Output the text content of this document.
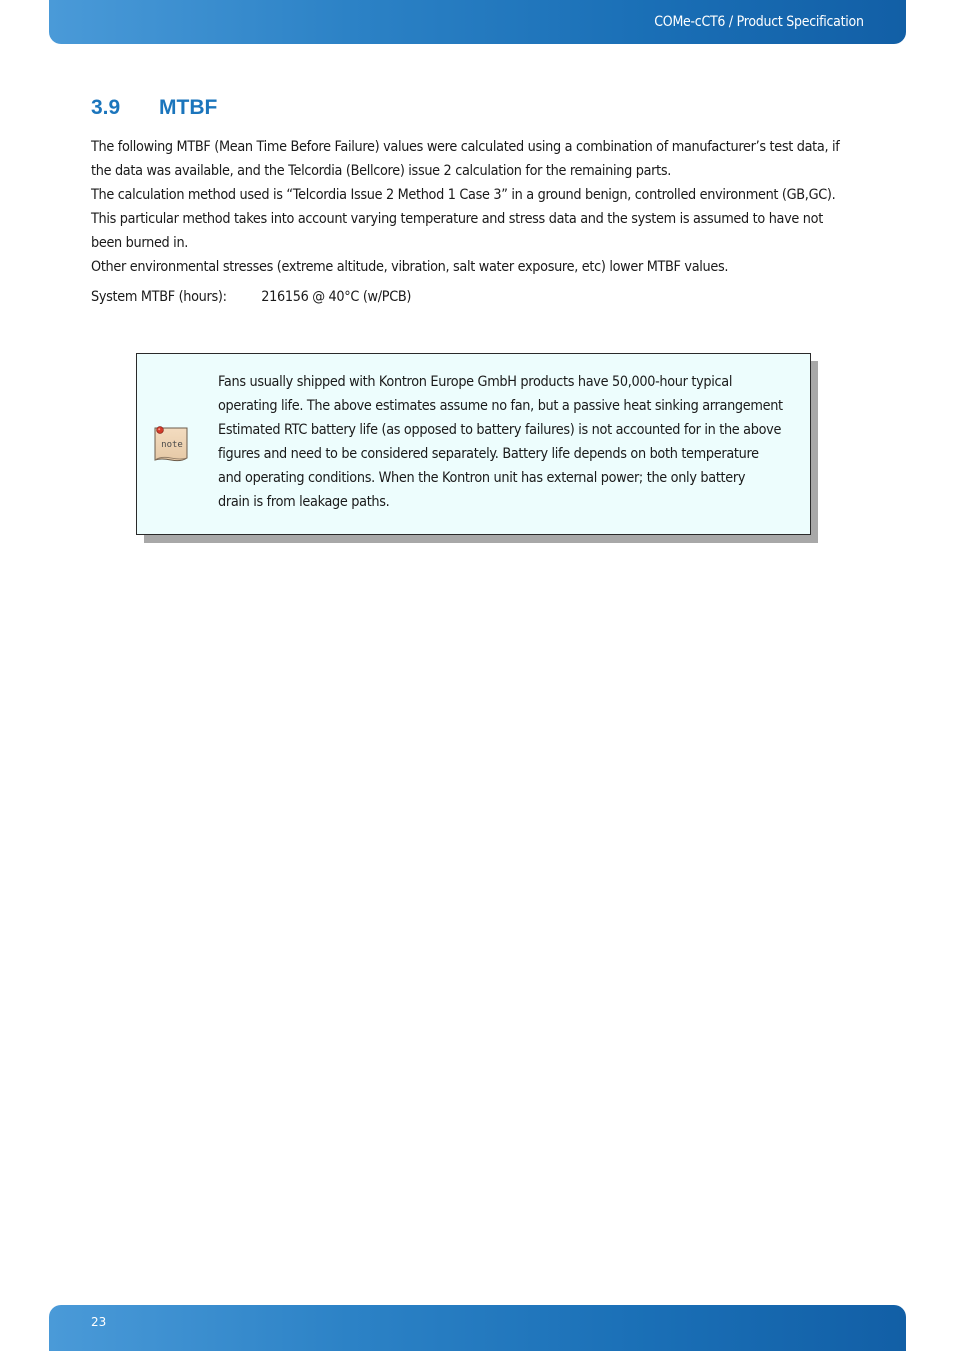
COMe-cCT6 / Product Specification
3.9 MTBF

The following MTBF (Mean Time Before Failure) values were calculated using a combination of manufacturer’s test data, if
the data was available, and the Telcordia (Bellcore) issue 2 calculation for the remaining parts.
The calculation method used is “Telcordia Issue 2 Method 1 Case 3” in a ground benign, controlled environment (GB,GC).
This particular method takes into account varying temperature and stress data and the system is assumed to have not
been burned in.
Other environmental stresses (extreme altitude, vibration, salt water exposure, etc) lower MTBF values.

System MTBF (hours): 216156 @ 40°C (w/PCB)
note
Fans usually shipped with Kontron Europe GmbH products have 50,000-hour typical
operating life. The above estimates assume no fan, but a passive heat sinking arrangement
Estimated RTC battery life (as opposed to battery failures) is not accounted for in the above
figures and need to be considered separately. Battery life depends on both temperature
and operating conditions. When the Kontron unit has external power; the only battery
drain is from leakage paths.
23
